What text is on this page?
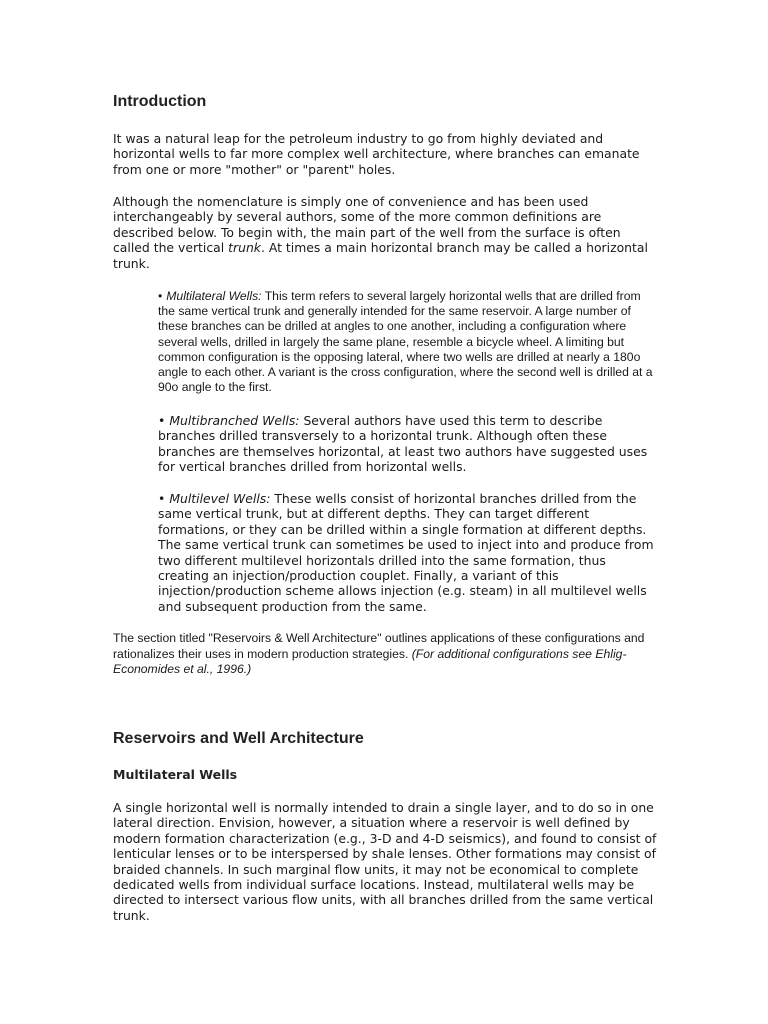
Introduction

It was a natural leap for the petroleum industry to go from highly deviated and horizontal wells to far more complex well architecture, where branches can emanate from one or more "mother" or "parent" holes.

Although the nomenclature is simply one of convenience and has been used interchangeably by several authors, some of the more common definitions are described below. To begin with, the main part of the well from the surface is often called the vertical trunk. At times a main horizontal branch may be called a horizontal trunk.

• Multilateral Wells: This term refers to several largely horizontal wells that are drilled from the same vertical trunk and generally intended for the same reservoir. A large number of these branches can be drilled at angles to one another, including a configuration where several wells, drilled in largely the same plane, resemble a bicycle wheel. A limiting but common configuration is the opposing lateral, where two wells are drilled at nearly a 180o angle to each other. A variant is the cross configuration, where the second well is drilled at a 90o angle to the first.

• Multibranched Wells: Several authors have used this term to describe branches drilled transversely to a horizontal trunk. Although often these branches are themselves horizontal, at least two authors have suggested uses for vertical branches drilled from horizontal wells.

• Multilevel Wells: These wells consist of horizontal branches drilled from the same vertical trunk, but at different depths. They can target different formations, or they can be drilled within a single formation at different depths. The same vertical trunk can sometimes be used to inject into and produce from two different multilevel horizontals drilled into the same formation, thus creating an injection/production couplet. Finally, a variant of this injection/production scheme allows injection (e.g. steam) in all multilevel wells and subsequent production from the same.

The section titled "Reservoirs & Well Architecture" outlines applications of these configurations and rationalizes their uses in modern production strategies. (For additional configurations see Ehlig-Economides et al., 1996.)

Reservoirs and Well Architecture
Multilateral Wells

A single horizontal well is normally intended to drain a single layer, and to do so in one lateral direction. Envision, however, a situation where a reservoir is well defined by modern formation characterization (e.g., 3-D and 4-D seismics), and found to consist of lenticular lenses or to be interspersed by shale lenses. Other formations may consist of braided channels. In such marginal flow units, it may not be economical to complete dedicated wells from individual surface locations. Instead, multilateral wells may be directed to intersect various flow units, with all branches drilled from the same vertical trunk.
